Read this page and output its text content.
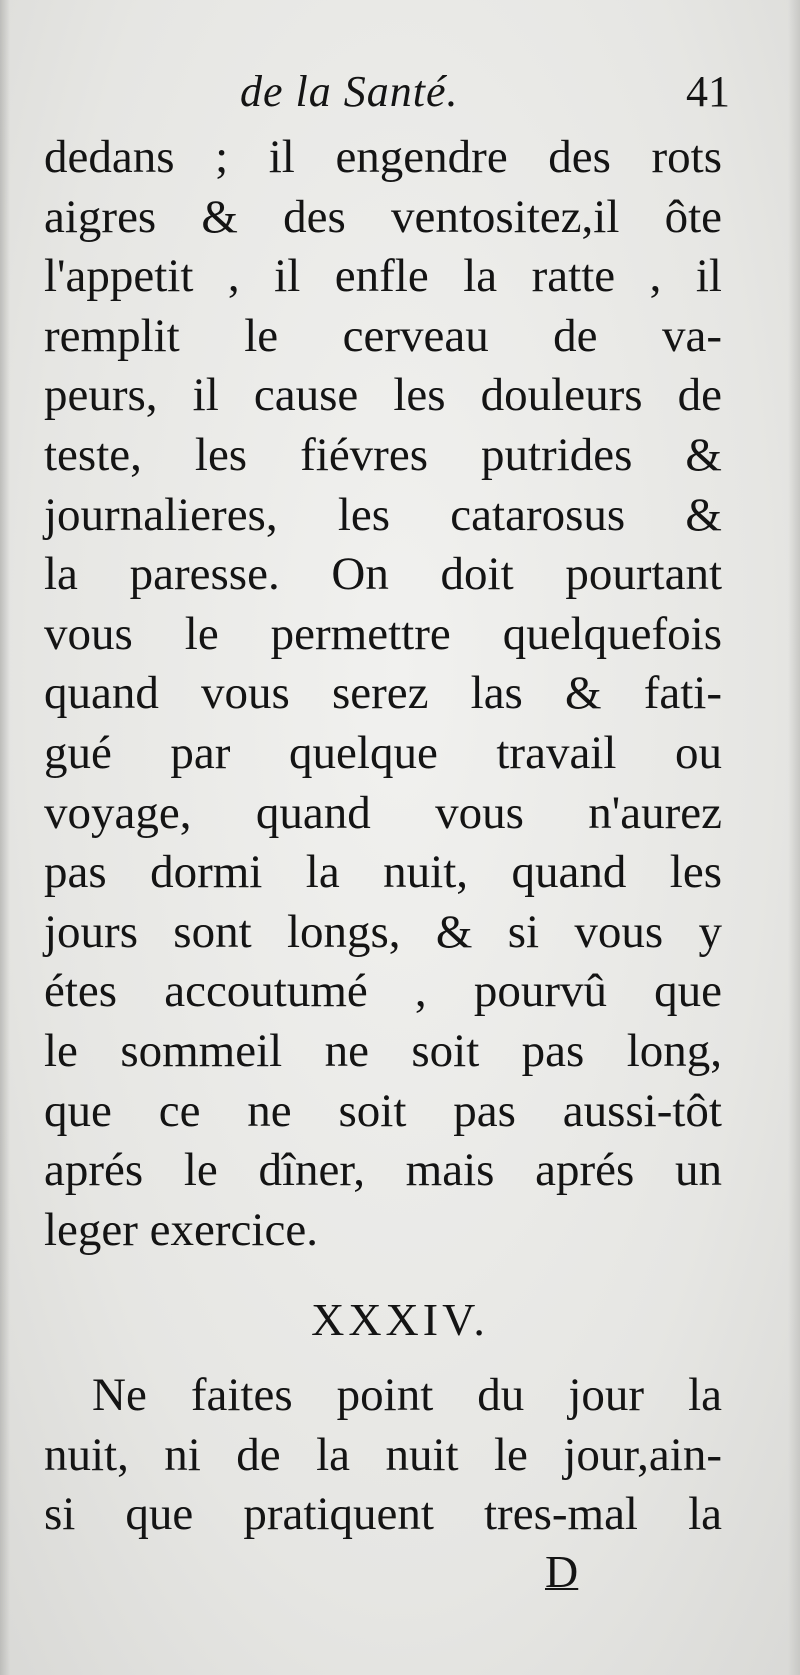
de la Santé.	41
dedans ; il engendre des rots
aigres & des ventositez,il ôte
l'appetit , il enfle la ratte , il
remplit le cerveau de va-
peurs, il cause les douleurs de
teste, les fiévres putrides &
journalieres, les catarosus &
la paresse. On doit pourtant
vous le permettre quelquefois
quand vous serez las & fati-
gué par quelque travail ou
voyage, quand vous n'aurez
pas dormi la nuit, quand les
jours sont longs, & si vous y
étes accoutumé , pourvû que
le sommeil ne soit pas long,
que ce ne soit pas aussi-tôt
aprés le dîner, mais aprés un
leger exercice.
XXXIV.
Ne faites point du jour la
nuit, ni de la nuit le jour,ain-
si que pratiquent tres-mal la
D
